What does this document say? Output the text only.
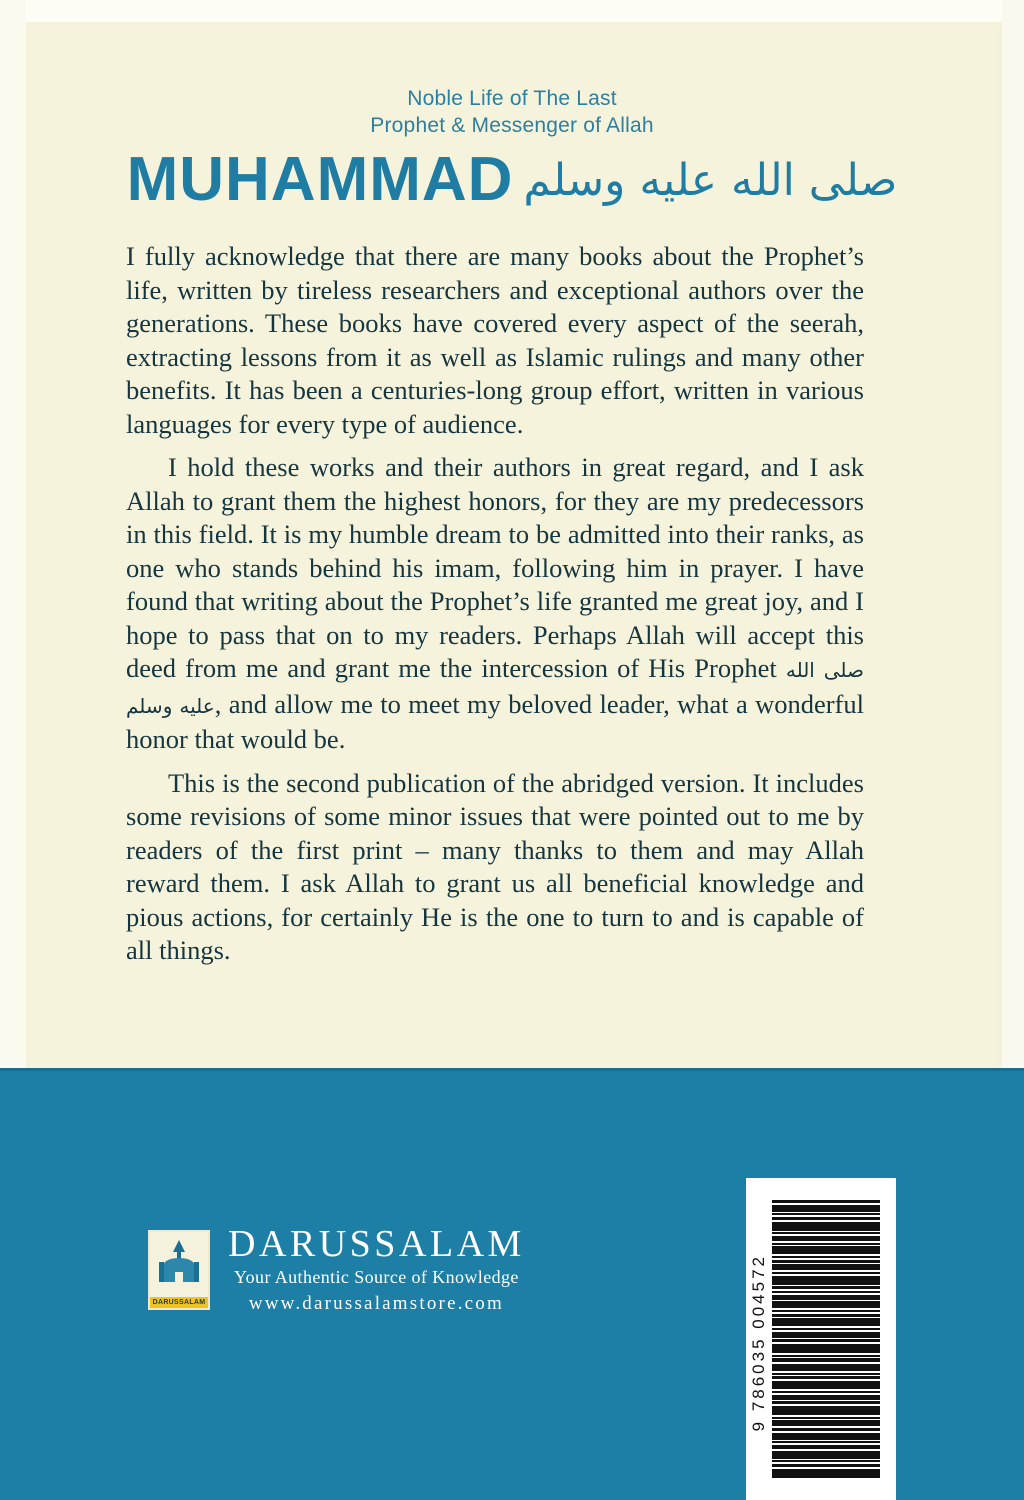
Noble Life of The Last
Prophet & Messenger of Allah
MUHAMMAD صلى الله عليه وسلم

I fully acknowledge that there are many books about the Prophet’s life, written by tireless researchers and exceptional authors over the generations. These books have covered every aspect of the seerah, extracting lessons from it as well as Islamic rulings and many other benefits. It has been a centuries-long group effort, written in various languages for every type of audience.

I hold these works and their authors in great regard, and I ask Allah to grant them the highest honors, for they are my predecessors in this field. It is my humble dream to be admitted into their ranks, as one who stands behind his imam, following him in prayer. I have found that writing about the Prophet’s life granted me great joy, and I hope to pass that on to my readers. Perhaps Allah will accept this deed from me and grant me the intercession of His Prophet صلى الله عليه وسلم, and allow me to meet my beloved leader, what a wonderful honor that would be.

This is the second publication of the abridged version. It includes some revisions of some minor issues that were pointed out to me by readers of the first print – many thanks to them and may Allah reward them. I ask Allah to grant us all beneficial knowledge and pious actions, for certainly He is the one to turn to and is capable of all things.

DARUSSALAM
DARUSSALAM
Your Authentic Source of Knowledge
www.darussalamstore.com	9 786035 004572
